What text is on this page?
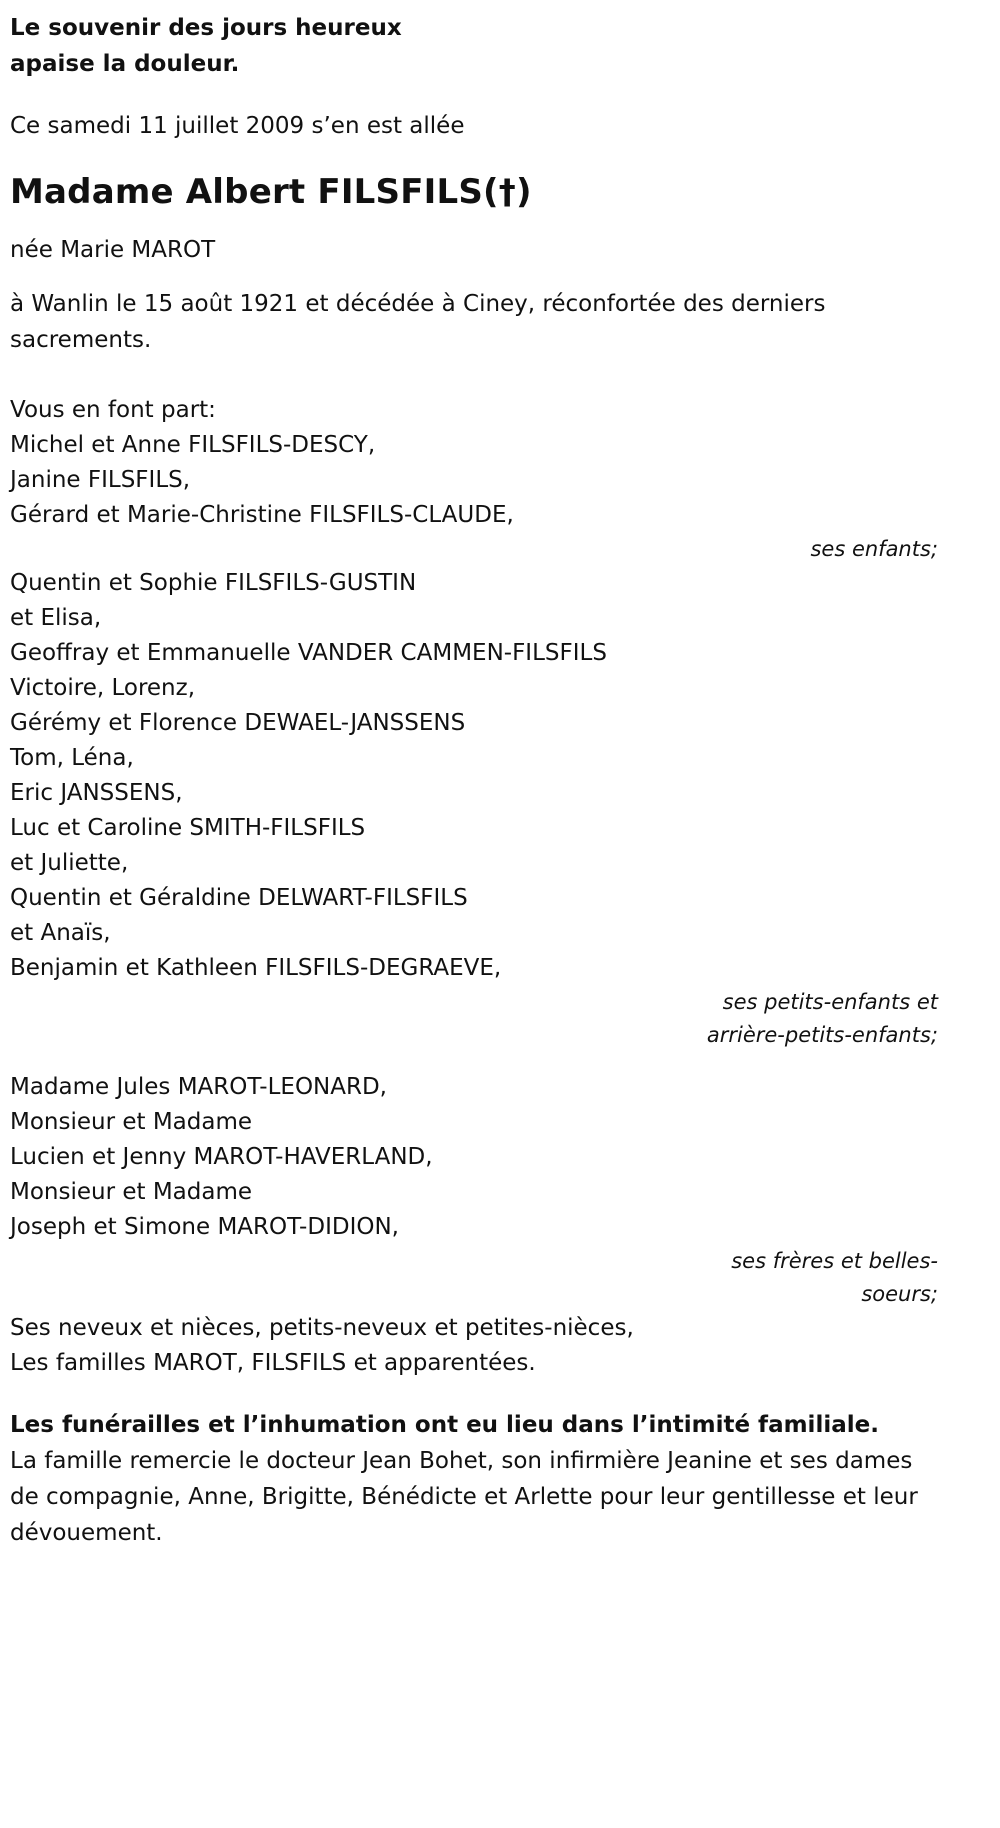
Le souvenir des jours heureux
apaise la douleur.
Ce samedi 11 juillet 2009 s’en est allée
Madame Albert FILSFILS(†)
née Marie MAROT
à Wanlin le 15 août 1921 et décédée à Ciney, réconfortée des derniers sacrements.
Vous en font part:
Michel et Anne FILSFILS-DESCY,
Janine FILSFILS,
Gérard et Marie-Christine FILSFILS-CLAUDE,
ses enfants;
Quentin et Sophie FILSFILS-GUSTIN
et Elisa,
Geoffray et Emmanuelle VANDER CAMMEN-FILSFILS
Victoire, Lorenz,
Gérémy et Florence DEWAEL-JANSSENS
Tom, Léna,
Eric JANSSENS,
Luc et Caroline SMITH-FILSFILS
et Juliette,
Quentin et Géraldine DELWART-FILSFILS
et Anaïs,
Benjamin et Kathleen FILSFILS-DEGRAEVE,
ses petits-enfants et arrière-petits-enfants;
Madame Jules MAROT-LEONARD,
Monsieur et Madame
Lucien et Jenny MAROT-HAVERLAND,
Monsieur et Madame
Joseph et Simone MAROT-DIDION,
ses frères et belles-soeurs;
Ses neveux et nièces, petits-neveux et petites-nièces,
Les familles MAROT, FILSFILS et apparentées.
Les funérailles et l’inhumation ont eu lieu dans l’intimité familiale.
La famille remercie le docteur Jean Bohet, son infirmière Jeanine et ses dames de compagnie, Anne, Brigitte, Bénédicte et Arlette pour leur gentillesse et leur dévouement.
